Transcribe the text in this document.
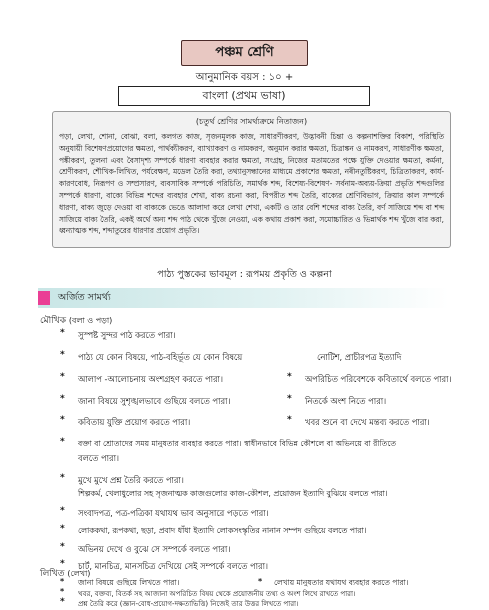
পঞ্চম শ্রেণি
আনুমানিক বয়স : ১০ +
বাংলা (প্রথম ভাষা)
(চতুর্থ শ্রেণির সামর্থ্যক্রমে নিতাজন)
পড়া, লেখা, শোনা, বোঝা, বলা, কলগত কাজ, সৃজনমূলক কাজ, সাধারণীকরণ, উদ্ভাবনী চিন্তা ও কল্পনাশক্তির বিকাশ, পরিস্থিতি অনুযায়ী বিশেষণপ্রয়োগের ক্ষমতা, পার্থক্যীকরণ, ব্যাখ্যাকরণ ও নামকরণ, অনুমান করার ক্ষমতা, চিত্রাঙ্কন ও নামকরণ, সাধারণীক ক্ষমতা, পঙ্কীকরণ, তুলনা এবং বৈসাদৃশ্য সম্পর্কে ধারণা ব্যবহার করার ক্ষমতা, সংগ্রহ, নিজের মতামতের পক্ষে যুক্তি দেওয়ার ক্ষমতা, কর্মনা, শ্রেণীকরণ, শৌখিক-লিখিত, পর্যবেক্ষণ, মডেল তৈরি করা, তথ্যানুসন্ধানের মাধ্যমে প্রকাশের ক্ষমতা, নৰীনতুষ্টিকরণ, চিত্রিতাকরণ, কার্য-কারণবোধ, নিরূপণ ও সম্প্রসারণ, ব্যবসাবিক সম্পর্কে পরিচিতি, সমার্থক শব্দ, বিশেষ্য-বিশেষণ- সর্বনাম-অব্যয়-ক্রিয়া প্রভৃতি শব্দগুলির সম্পর্কে ধারণা, বাক্যে বিভিন্ন শব্দের ব্যবহার শেখা, বাক্য রচনা করা, বিপরীত শব্দ তৈরি, বাক্যের শ্রেণিবিভাগ, ক্রিয়ার কাল সম্পর্কে ধারণা, বাক্য জুড়ে দেওয়া বা বাক্যকে ভেঙে আলাদা করে লেখা শেখা, একটি ও তার বেশি শব্দের বাক্য তৈরি, বর্ণ সাজিয়ে শব্দ বা শব্দ সাজিয়ে বাক্য তৈরি, একই অর্থে অন্য শব্দ পাঠ থেকে খুঁজে নেওয়া, এক কথায় প্রকাশ করা, সমোচ্চারিত ও ভিন্নার্থক শব্দ খুঁজে বার করা, ধ্বন্যাত্মক শব্দ, শব্দাতুরের ধারণার প্রয়োগ প্রভৃতি।
পাঠ্য পুস্তকের ভাবমূল : রূপময় প্রকৃতি ও কল্পনা
অর্জিত সামর্থ্য
মৌখিক (বলা ও পড়া)
* সুস্পষ্ট সুন্দর পাঠ করতে পারা।
* পাঠ্য যে কোন বিষয়ে, পাঠ-বহির্ভূত যে কোন বিষয়ে	নোটিশ, প্রাচীরপত্র ইত্যাদি
* আলাপ -আলোচনায় অংশগ্রহণ করতে পারা।	* অপরিচিত পরিবেশকে কবিতার্থে বলতে পারা।
* জানা বিষয়ে সুশৃঙ্খলভাবে গুছিয়ে বলতে পারা।	* নিতর্কে অংশ নিতে পারা।
* কবিতায় যুক্তি প্রয়োগ করতে পারা।	* খবর শুনে বা দেখে মন্তব্য করতে পারা।
* বক্তা বা শ্রোতাদের সময় মানুষতার ব্যবহার করতে পারা। স্বাধীনভাবে বিভিন্ন কৌশলে বা অভিনয়ে বা রীতিতে
বলতে পারা।
* মুখে মুখে প্রশ্ন তৈরি করতে পারা।
শিল্পকর্ম, খেলাধুলোর সহ সৃজনাত্মক কাজগুলোর কাজ-কৌশল, প্রয়োজন ইত্যাদি বুঝিয়ে বলতে পারা।
* সংবাদপত্র, পত্র-পত্রিকা যথাযথ ভাব অনুসারে পড়তে পারা।
* লোককথা, রূপকথা, ছড়া, প্রবাদ ধাঁধা ইত্যাদি লোকসংস্কৃতির নানান সম্পদ গুছিয়ে বলতে পারা।
* অভিনয় দেখে ও বুঝে সে সম্পর্কে বলতে পারা।
* চার্ট, মানচিত্র, মানসচিত্র দেখিয়ে সেই সম্পর্কে বলতে পারা।
লিখিত (লেখা)
* জানা বিষয়ে গুছিয়ে লিখতে পারা।	* লেখায় মানুষতার যথাযথ ব্যবহার করতে পারা।
* খবর, বক্তব্য, বিতর্ক সহ আজানা অপরিচিত বিষয় থেকে প্রয়োজনীয় তথ্য ও অংশ লিখে রাখতে পারা।
* প্রশ্ন তৈরি করে (জ্ঞান-বোধ-প্রয়োগ-দক্ষতাভিত্তি) নিজেই তার উত্তর লিখতে পারা।
